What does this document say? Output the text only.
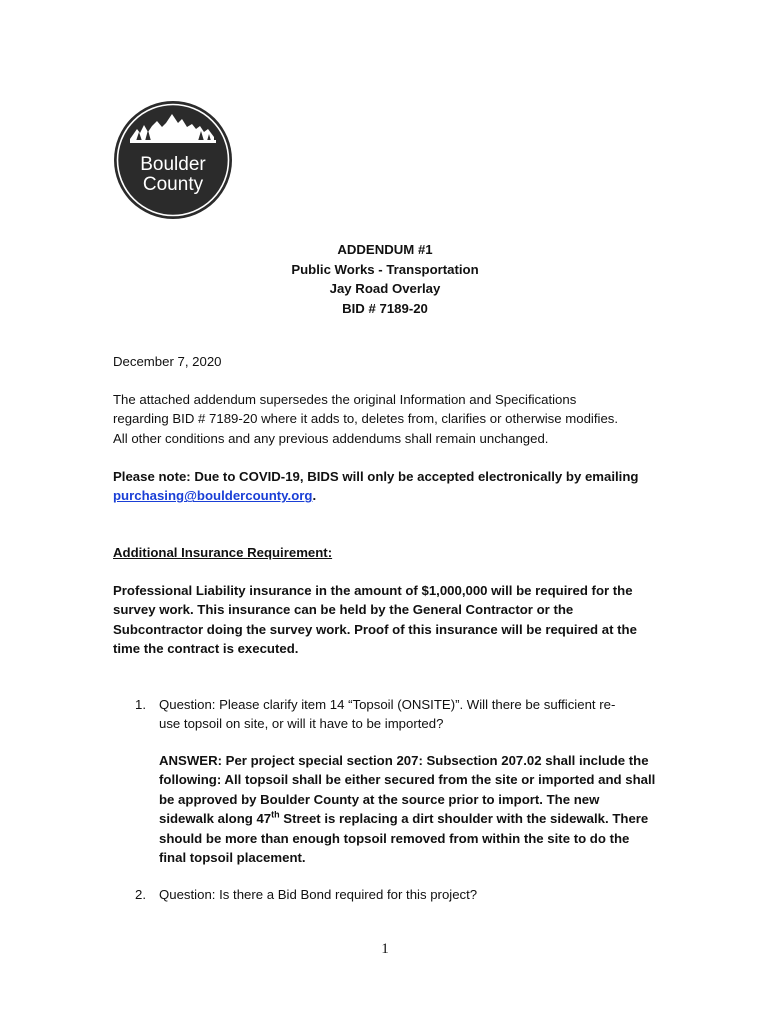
Boulder
County
ADDENDUM #1
Public Works - Transportation
Jay Road Overlay
BID # 7189-20
December 7, 2020
The attached addendum supersedes the original Information and Specifications
regarding BID # 7189-20 where it adds to, deletes from, clarifies or otherwise modifies.
All other conditions and any previous addendums shall remain unchanged.
Please note: Due to COVID-19, BIDS will only be accepted electronically by emailing
purchasing@bouldercounty.org.
Additional Insurance Requirement:
Professional Liability insurance in the amount of $1,000,000 will be required for the
survey work. This insurance can be held by the General Contractor or the
Subcontractor doing the survey work. Proof of this insurance will be required at the
time the contract is executed.
1. Question: Please clarify item 14 “Topsoil (ONSITE)”. Will there be sufficient re-
use topsoil on site, or will it have to be imported?
ANSWER: Per project special section 207: Subsection 207.02 shall include the
following: All topsoil shall be either secured from the site or imported and shall
be approved by Boulder County at the source prior to import. The new
sidewalk along 47th Street is replacing a dirt shoulder with the sidewalk. There
should be more than enough topsoil removed from within the site to do the
final topsoil placement.
2. Question: Is there a Bid Bond required for this project?
1
